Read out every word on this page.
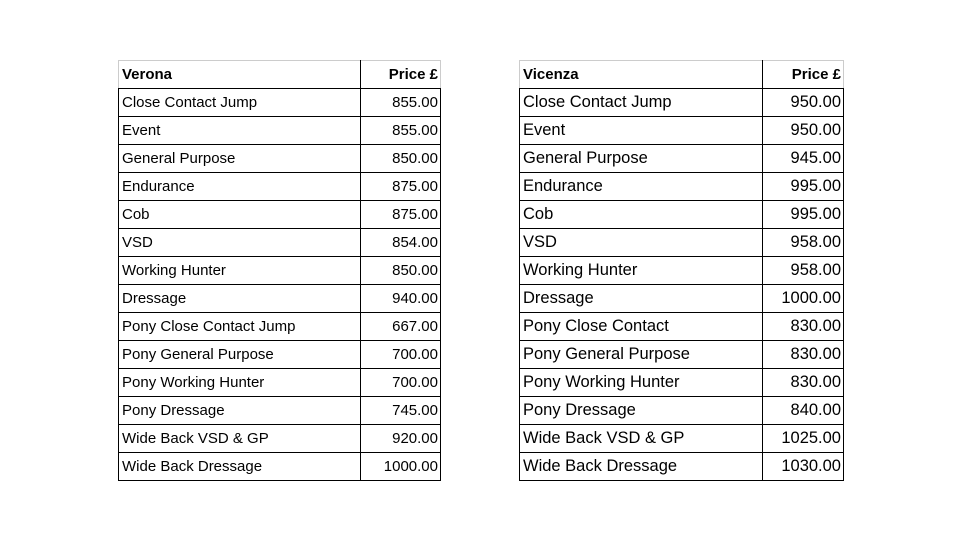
Verona	Price £
Close Contact Jump	855.00
Event	855.00
General Purpose	850.00
Endurance	875.00
Cob	875.00
VSD	854.00
Working Hunter	850.00
Dressage	940.00
Pony Close Contact Jump	667.00
Pony General Purpose	700.00
Pony Working Hunter	700.00
Pony Dressage	745.00
Wide Back VSD & GP	920.00
Wide Back Dressage	1000.00
Vicenza	Price £
Close Contact Jump	950.00
Event	950.00
General Purpose	945.00
Endurance	995.00
Cob	995.00
VSD	958.00
Working Hunter	958.00
Dressage	1000.00
Pony Close Contact	830.00
Pony General Purpose	830.00
Pony Working Hunter	830.00
Pony Dressage	840.00
Wide Back VSD & GP	1025.00
Wide Back Dressage	1030.00
